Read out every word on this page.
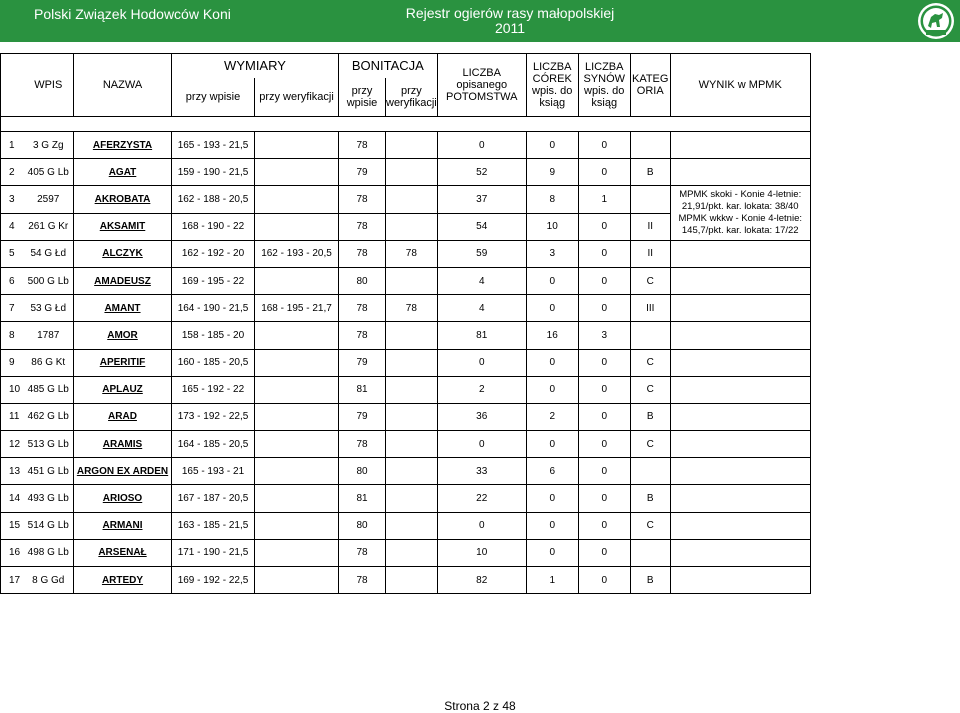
Polski Związek Hodowców Koni	Rejestr ogierów rasy małopolskiej
2011
	WPIS	NAZWA	WYMIARY		BONITACJA		LICZBA opisanego POTOMSTWA	LICZBA CÓREK wpis. do ksiąg	LICZBA SYNÓW wpis. do ksiąg	KATEG ORIA	WYNIK w MPMK
			przy wpisie	przy weryfikacji	przy wpisie	przy weryfikacji					

1	3 G Zg	AFERZYSTA	165 - 193 - 21,5		78		0	0	0		
2	405 G Lb	AGAT	159 - 190 - 21,5		79		52	9	0	B	
3	2597	AKROBATA	162 - 188 - 20,5		78		37	8	1		MPMK skoki - Konie 4-letnie: 21,91/pkt. kar. lokata: 38/40 MPMK wkkw - Konie 4-letnie: 145,7/pkt. kar. lokata: 17/22
4	261 G Kr	AKSAMIT	168 - 190 - 22		78		54	10	0	II	
5	54 G Łd	ALCZYK	162 - 192 - 20	162 - 193 - 20,5	78	78	59	3	0	II	
6	500 G Lb	AMADEUSZ	169 - 195 - 22		80		4	0	0	C	
7	53 G Łd	AMANT	164 - 190 - 21,5	168 - 195 - 21,7	78	78	4	0	0	III	
8	1787	AMOR	158 - 185 - 20		78		81	16	3		
9	86 G Kt	APERITIF	160 - 185 - 20,5		79		0	0	0	C	
10	485 G Lb	APLAUZ	165 - 192 - 22		81		2	0	0	C	
11	462 G Lb	ARAD	173 - 192 - 22,5		79		36	2	0	B	
12	513 G Lb	ARAMIS	164 - 185 - 20,5		78		0	0	0	C	
13	451 G Lb	ARGON EX ARDEN	165 - 193 - 21		80		33	6	0		
14	493 G Lb	ARIOSO	167 - 187 - 20,5		81		22	0	0	B	
15	514 G Lb	ARMANI	163 - 185 - 21,5		80		0	0	0	C	
16	498 G Lb	ARSENAŁ	171 - 190 - 21,5		78		10	0	0		
17	8 G Gd	ARTEDY	169 - 192 - 22,5		78		82	1	0	B	
Strona 2 z 48
